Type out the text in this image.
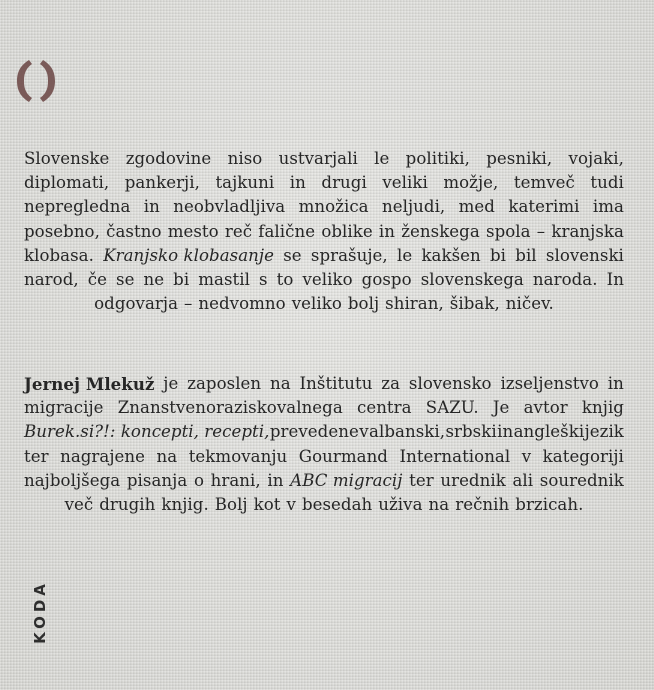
Slovenske zgodovine niso ustvarjali le politiki, pesniki, vojaki,
diplomati, pankerji, tajkuni in drugi veliki možje, temveč tudi
nepregledna in neobvladljiva množica neljudi, med katerimi ima
posebno, častno mesto reč falične oblike in ženskega spola – kranjska
klobasa. Kranjsko klobasanje se sprašuje, le kakšen bi bil slovenski
narod, če se ne bi mastil s to veliko gospo slovenskega naroda. In
odgovarja – nedvomno veliko bolj shiran, šibak, ničev.
Jernej Mlekuž je zaposlen na Inštitutu za slovensko izseljenstvo in
migracije Znanstvenoraziskovalnega centra SAZU. Je avtor knjig
Burek.si?!: koncepti, recepti, prevedene v albanski, srbski in angleški jezik
ter nagrajene na tekmovanju Gourmand International v kategoriji
najboljšega pisanja o hrani, in ABC migracij ter urednik ali sourednik
več drugih knjig. Bolj kot v besedah uživa na rečnih brzicah.
KODA
